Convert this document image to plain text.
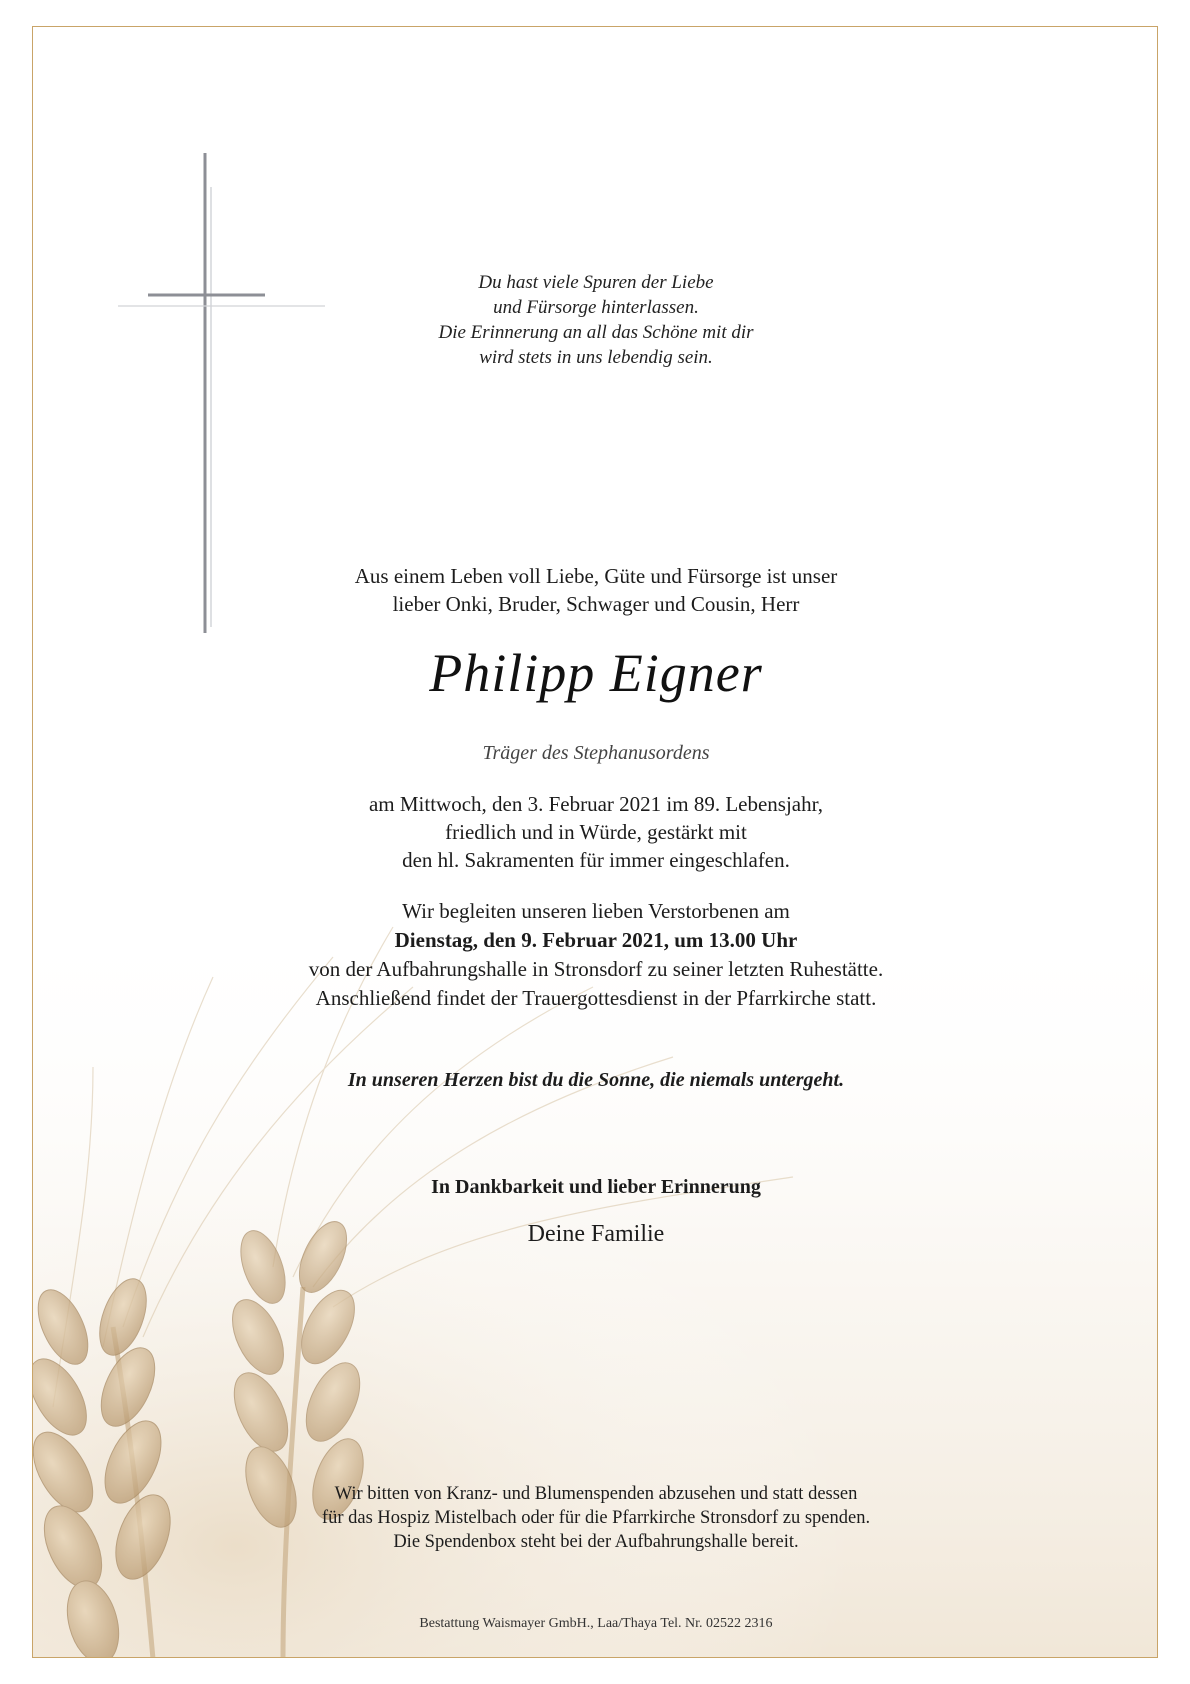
Du hast viele Spuren der Liebe
und Fürsorge hinterlassen.
Die Erinnerung an all das Schöne mit dir
wird stets in uns lebendig sein.
Aus einem Leben voll Liebe, Güte und Fürsorge ist unser
lieber Onki, Bruder, Schwager und Cousin, Herr
Philipp Eigner
Träger des Stephanusordens
am Mittwoch, den 3. Februar 2021 im 89. Lebensjahr,
friedlich und in Würde, gestärkt mit
den hl. Sakramenten für immer eingeschlafen.
Wir begleiten unseren lieben Verstorbenen am
Dienstag, den 9. Februar 2021, um 13.00 Uhr
von der Aufbahrungshalle in Stronsdorf zu seiner letzten Ruhestätte.
Anschließend findet der Trauergottesdienst in der Pfarrkirche statt.
In unseren Herzen bist du die Sonne, die niemals untergeht.
In Dankbarkeit und lieber Erinnerung
Deine Familie
Wir bitten von Kranz- und Blumenspenden abzusehen und statt dessen
für das Hospiz Mistelbach oder für die Pfarrkirche Stronsdorf zu spenden.
Die Spendenbox steht bei der Aufbahrungshalle bereit.
Bestattung Waismayer GmbH., Laa/Thaya Tel. Nr. 02522 2316
